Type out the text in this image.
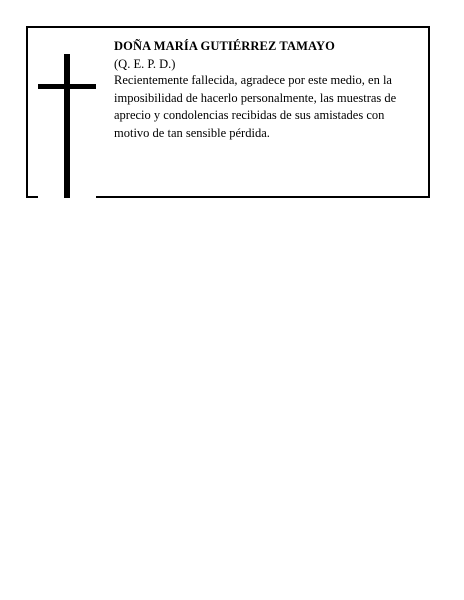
DOÑA MARÍA GUTIÉRREZ TAMAYO

(Q. E. P. D.)

Recientemente fallecida, agradece por este medio, en la imposibilidad de hacerlo personalmente, las muestras de aprecio y condolencias recibidas de sus amistades con motivo de tan sensible pérdida.
